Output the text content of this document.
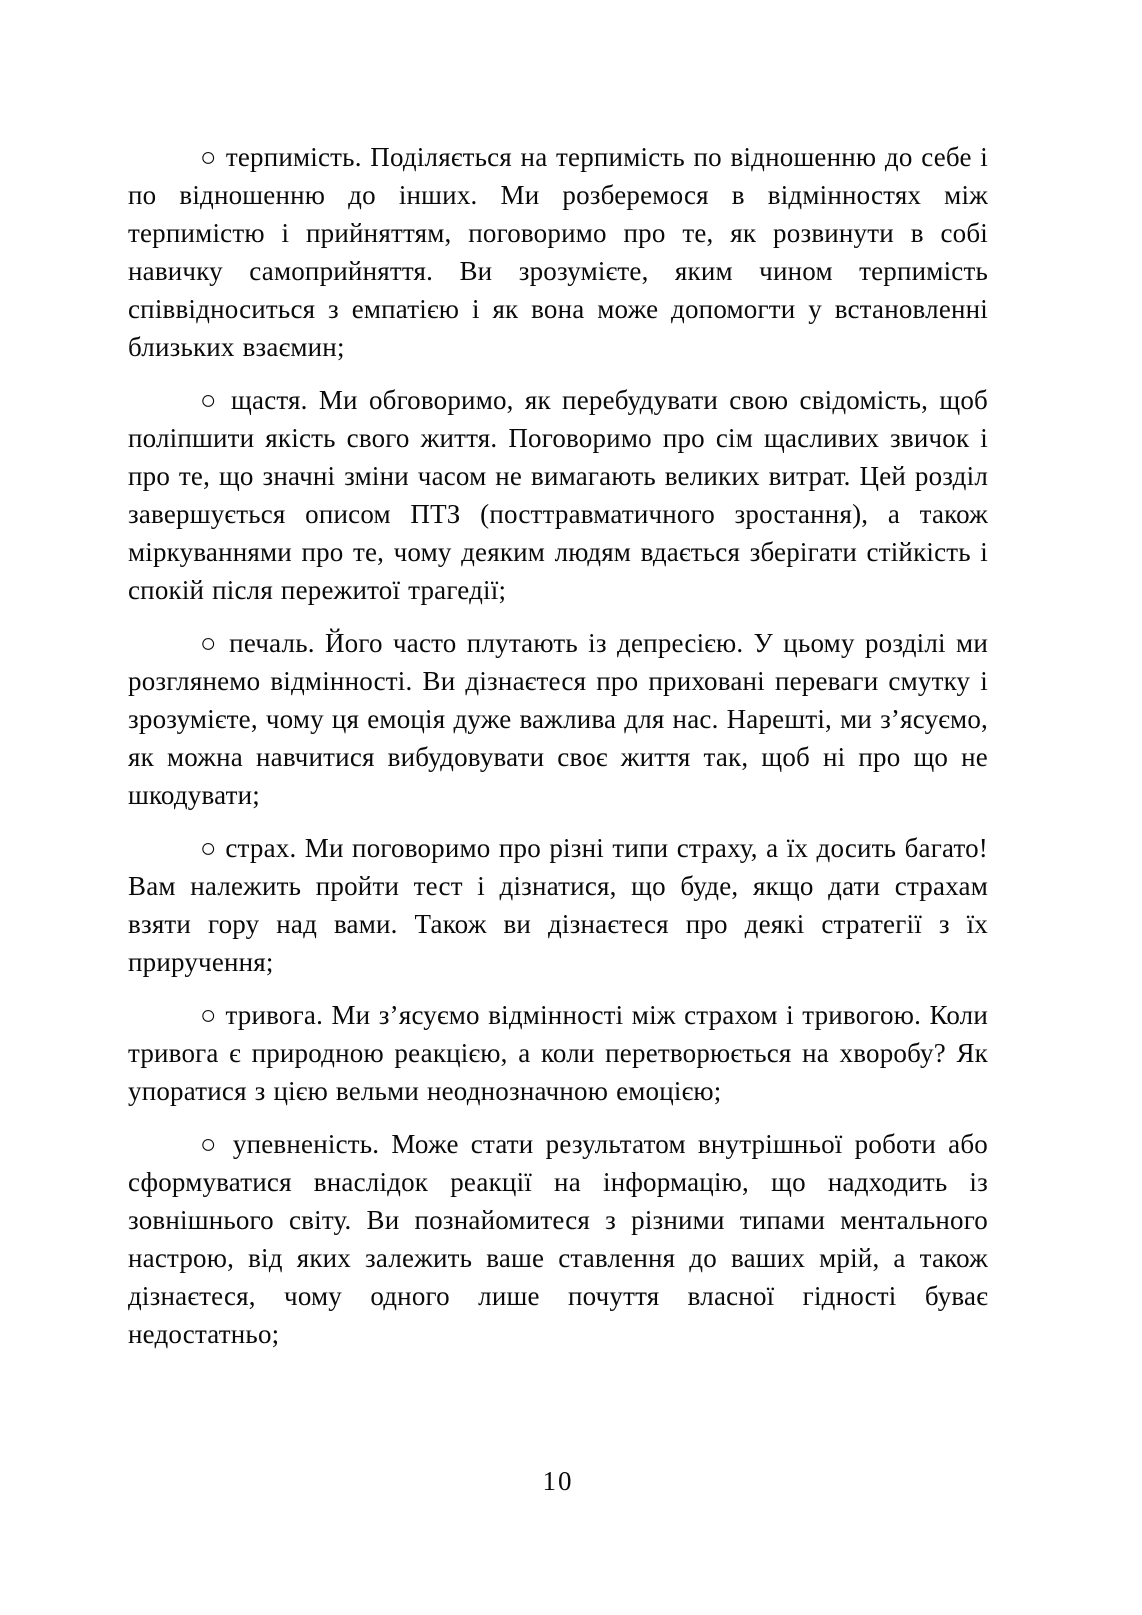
○ терпимість. Поділяється на терпимість по відношенню до себе і по відношенню до інших. Ми розберемося в відмінностях між терпимістю і прийняттям, поговоримо про те, як розвинути в собі навичку самоприйняття. Ви зрозумієте, яким чином терпимість співвідноситься з емпатією і як вона може допомогти у встановленні близьких взаємин;

○ щастя. Ми обговоримо, як перебудувати свою свідомість, щоб поліпшити якість свого життя. Поговоримо про сім щасливих звичок і про те, що значні зміни часом не вимагають великих витрат. Цей розділ завершується описом ПТЗ (посттравматичного зростання), а також міркуваннями про те, чому деяким людям вдається зберігати стійкість і спокій після пережитої трагедії;

○ печаль. Його часто плутають із депресією. У цьому розділі ми розглянемо відмінності. Ви дізнаєтеся про приховані переваги смутку і зрозумієте, чому ця емоція дуже важлива для нас. Нарешті, ми з’ясуємо, як можна навчитися вибудовувати своє життя так, щоб ні про що не шкодувати;

○ страх. Ми поговоримо про різні типи страху, а їх досить багато! Вам належить пройти тест і дізнатися, що буде, якщо дати страхам взяти гору над вами. Також ви дізнаєтеся про деякі стратегії з їх приручення;

○ тривога. Ми з’ясуємо відмінності між страхом і тривогою. Коли тривога є природною реакцією, а коли перетворюється на хворобу? Як упоратися з цією вельми неоднозначною емоцією;

○ упевненість. Може стати результатом внутрішньої роботи або сформуватися внаслідок реакції на інформацію, що надходить із зовнішнього світу. Ви познайомитеся з різними типами ментального настрою, від яких залежить ваше ставлення до ваших мрій, а також дізнаєтеся, чому одного лише почуття власної гідності буває недостатньо;

10
